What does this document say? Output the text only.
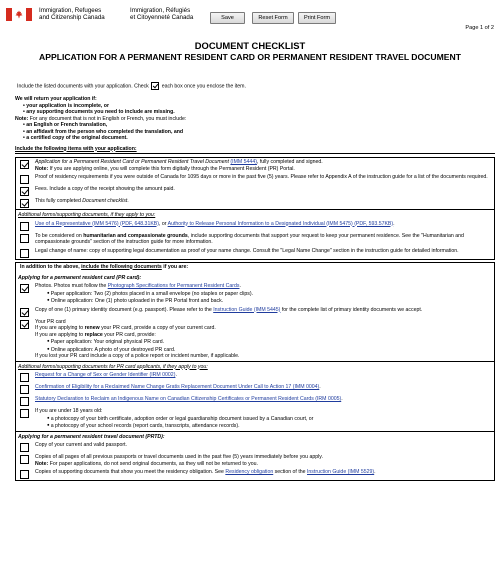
Immigration, Refugees
and Citizenship Canada
Immigration, Réfugiés
et Citoyenneté Canada	Save	Reset Form	Print Form
Page 1 of 2
DOCUMENT CHECKLIST
APPLICATION FOR A PERMANENT RESIDENT CARD OR PERMANENT RESIDENT TRAVEL DOCUMENT
Include the listed documents with your application. Check each box once you enclose the item.
We will return your application if:
• your application is incomplete, or
• any supporting documents you need to include are missing.
Note: For any document that is not in English or French, you must include:
• an English or French translation,
• an affidavit from the person who completed the translation, and
• a certified copy of the original document.
Include the following items with your application:
Application for a Permanent Resident Card or Permanent Resident Travel Document (IMM 5444), fully completed and signed.
Note: If you are applying online, you will complete this form digitally through the Permanent Resident (PR) Portal.
Proof of residency requirements if you were outside of Canada for 1095 days or more in the past five (5) years. Please refer to Appendix A of the instruction guide for a list of the documents required.
Fees. Include a copy of the receipt showing the amount paid.
This fully completed Document checklist.
Additional forms/supporting documents, if they apply to you:
Use of a Representative (IMM 5476) (PDF, 648.31KB), or Authority to Release Personal Information to a Designated Individual (IMM 5475) (PDF, 593.57KB).
To be considered on humanitarian and compassionate grounds, include supporting documents that support your request to keep your permanent residence. See the "Humanitarian and compassionate grounds" section of the instruction guide for more information.
Legal change of name: copy of supporting legal documentation as proof of your name change. Consult the "Legal Name Change" section in the instruction guide for detailed information.
In addition to the above, include the following documents if you are:
Applying for a permanent resident card (PR card):
Photos. Photos must follow the Photograph Specifications for Permanent Resident Cards.
● Paper application: Two (2) photos placed in a small envelope (no staples or paper clips).
● Online application: One (1) photo uploaded in the PR Portal front and back.
Copy of one (1) primary identity document (e.g. passport). Please refer to the Instruction Guide (IMM 5445) for the complete list of primary identity documents we accept.
Your PR card
If you are applying to renew your PR card, provide a copy of your current card.
If you are applying to replace your PR card, provide:
● Paper application: Your original physical PR card.
● Online application: A photo of your destroyed PR card.
If you lost your PR card include a copy of a police report or incident number, if applicable.
Additional forms/supporting documents for PR card applicants, if they apply to you:
Request for a Change of Sex or Gender Identifier (IRM 0002).
Confirmation of Eligibility for a Reclaimed Name Change Gratis Replacement Document Under Call to Action 17 (IMM 0004).
Statutory Declaration to Reclaim an Indigenous Name on Canadian Citizenship Certificates or Permanent Resident Cards (IRM 0005).
If you are under 18 years old:
● a photocopy of your birth certificate, adoption order or legal guardianship document issued by a Canadian court, or
● a photocopy of your school records (report cards, transcripts, attendance records).
Applying for a permanent resident travel document (PRTD):
Copy of your current and valid passport.
Copies of all pages of all previous passports or travel documents used in the past five (5) years immediately before you apply.
Note: For paper applications, do not send original documents, as they will not be returned to you.
Copies of supporting documents that show you meet the residency obligation. See Residency obligation section of the Instruction Guide (IMM 5529).
